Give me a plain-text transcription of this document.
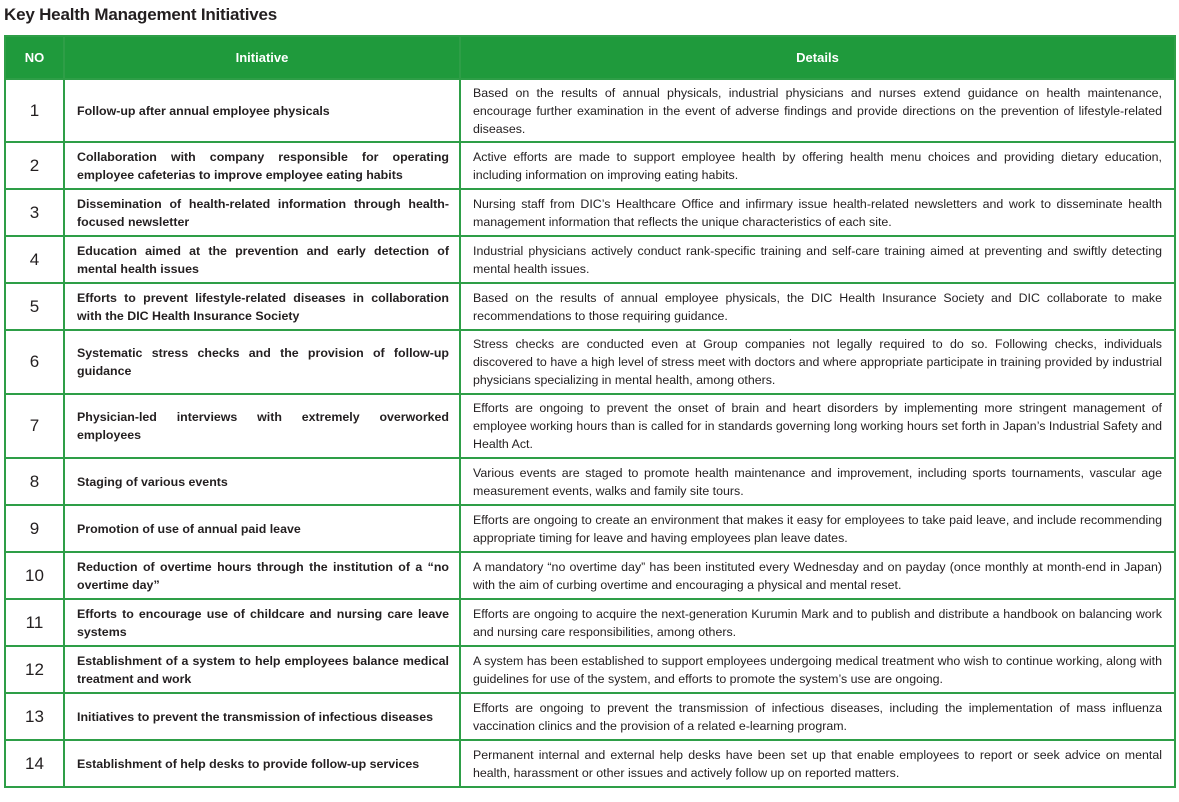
Key Health Management Initiatives
NO	Initiative	Details
1	Follow-up after annual employee physicals	Based on the results of annual physicals, industrial physicians and nurses extend guidance on health maintenance, encourage further examination in the event of adverse findings and provide directions on the prevention of lifestyle-related diseases.
2	Collaboration with company responsible for operating employee cafeterias to improve employee eating habits	Active efforts are made to support employee health by offering health menu choices and providing dietary education, including information on improving eating habits.
3	Dissemination of health-related information through health-focused newsletter	Nursing staff from DIC’s Healthcare Office and infirmary issue health-related newsletters and work to disseminate health management information that reflects the unique characteristics of each site.
4	Education aimed at the prevention and early detection of mental health issues	Industrial physicians actively conduct rank-specific training and self-care training aimed at preventing and swiftly detecting mental health issues.
5	Efforts to prevent lifestyle-related diseases in collaboration with the DIC Health Insurance Society	Based on the results of annual employee physicals, the DIC Health Insurance Society and DIC collaborate to make recommendations to those requiring guidance.
6	Systematic stress checks and the provision of follow-up guidance	Stress checks are conducted even at Group companies not legally required to do so. Following checks, individuals discovered to have a high level of stress meet with doctors and where appropriate participate in training provided by industrial physicians specializing in mental health, among others.
7	Physician-led interviews with extremely overworked employees	Efforts are ongoing to prevent the onset of brain and heart disorders by implementing more stringent management of employee working hours than is called for in standards governing long working hours set forth in Japan’s Industrial Safety and Health Act.
8	Staging of various events	Various events are staged to promote health maintenance and improvement, including sports tournaments, vascular age measurement events, walks and family site tours.
9	Promotion of use of annual paid leave	Efforts are ongoing to create an environment that makes it easy for employees to take paid leave, and include recommending appropriate timing for leave and having employees plan leave dates.
10	Reduction of overtime hours through the institution of a “no overtime day”	A mandatory “no overtime day” has been instituted every Wednesday and on payday (once monthly at month-end in Japan) with the aim of curbing overtime and encouraging a physical and mental reset.
11	Efforts to encourage use of childcare and nursing care leave systems	Efforts are ongoing to acquire the next-generation Kurumin Mark and to publish and distribute a handbook on balancing work and nursing care responsibilities, among others.
12	Establishment of a system to help employees balance medical treatment and work	A system has been established to support employees undergoing medical treatment who wish to continue working, along with guidelines for use of the system, and efforts to promote the system’s use are ongoing.
13	Initiatives to prevent the transmission of infectious diseases	Efforts are ongoing to prevent the transmission of infectious diseases, including the implementation of mass influenza vaccination clinics and the provision of a related e-learning program.
14	Establishment of help desks to provide follow-up services	Permanent internal and external help desks have been set up that enable employees to report or seek advice on mental health, harassment or other issues and actively follow up on reported matters.
